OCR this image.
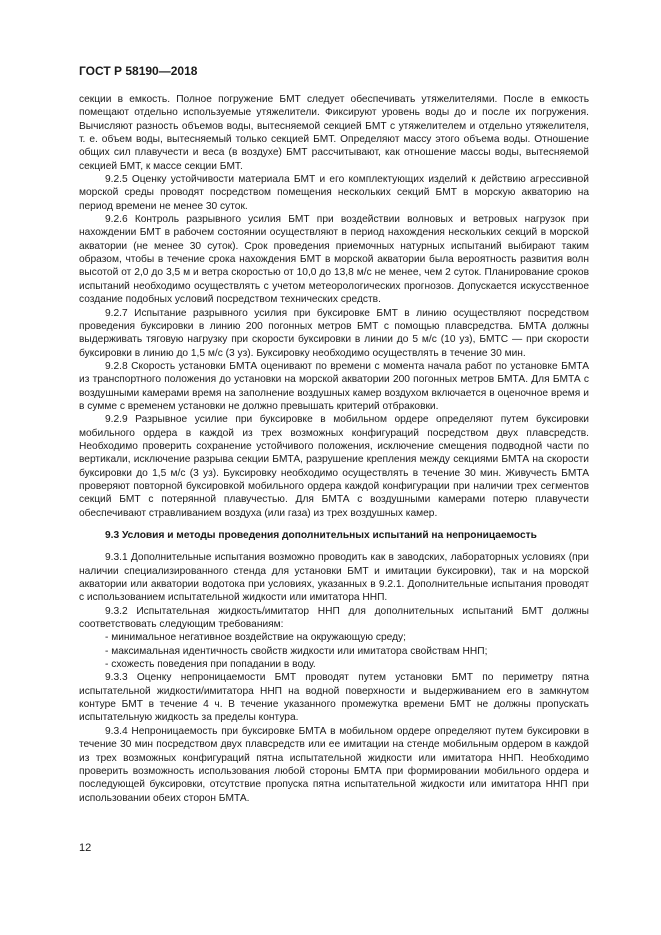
ГОСТ Р 58190—2018

секции в емкость. Полное погружение БМТ следует обеспечивать утяжелителями. После в емкость помещают отдельно используемые утяжелители. Фиксируют уровень воды до и после их погружения. Вычисляют разность объемов воды, вытесняемой секцией БМТ с утяжелителем и отдельно утяжелителя, т. е. объем воды, вытесняемый только секцией БМТ. Определяют массу этого объема воды. Отношение общих сил плавучести и веса (в воздухе) БМТ рассчитывают, как отношение массы воды, вытесняемой секцией БМТ, к массе секции БМТ.

9.2.5 Оценку устойчивости материала БМТ и его комплектующих изделий к действию агрессивной морской среды проводят посредством помещения нескольких секций БМТ в морскую акваторию на период времени не менее 30 суток.

9.2.6 Контроль разрывного усилия БМТ при воздействии волновых и ветровых нагрузок при нахождении БМТ в рабочем состоянии осуществляют в период нахождения нескольких секций в морской акватории (не менее 30 суток). Срок проведения приемочных натурных испытаний выбирают таким образом, чтобы в течение срока нахождения БМТ в морской акватории была вероятность развития волн высотой от 2,0 до 3,5 м и ветра скоростью от 10,0 до 13,8 м/с не менее, чем 2 суток. Планирование сроков испытаний необходимо осуществлять с учетом метеорологических прогнозов. Допускается искусственное создание подобных условий посредством технических средств.

9.2.7 Испытание разрывного усилия при буксировке БМТ в линию осуществляют посредством проведения буксировки в линию 200 погонных метров БМТ с помощью плавсредства. БМТА должны выдерживать тяговую нагрузку при скорости буксировки в линии до 5 м/с (10 уз), БМТС — при скорости буксировки в линию до 1,5 м/с (3 уз). Буксировку необходимо осуществлять в течение 30 мин.

9.2.8 Скорость установки БМТА оценивают по времени с момента начала работ по установке БМТА из транспортного положения до установки на морской акватории 200 погонных метров БМТА. Для БМТА с воздушными камерами время на заполнение воздушных камер воздухом включается в оценочное время и в сумме с временем установки не должно превышать критерий отбраковки.

9.2.9 Разрывное усилие при буксировке в мобильном ордере определяют путем буксировки мобильного ордера в каждой из трех возможных конфигураций посредством двух плавсредств. Необходимо проверить сохранение устойчивого положения, исключение смещения подводной части по вертикали, исключение разрыва секции БМТА, разрушение крепления между секциями БМТА на скорости буксировки до 1,5 м/с (3 уз). Буксировку необходимо осуществлять в течение 30 мин. Живучесть БМТА проверяют повторной буксировкой мобильного ордера каждой конфигурации при наличии трех сегментов секций БМТ с потерянной плавучестью. Для БМТА с воздушными камерами потерю плавучести обеспечивают стравливанием воздуха (или газа) из трех воздушных камер.

9.3 Условия и методы проведения дополнительных испытаний на непроницаемость

9.3.1 Дополнительные испытания возможно проводить как в заводских, лабораторных условиях (при наличии специализированного стенда для установки БМТ и имитации буксировки), так и на морской акватории или акватории водотока при условиях, указанных в 9.2.1. Дополнительные испытания проводят с использованием испытательной жидкости или имитатора ННП.

9.3.2 Испытательная жидкость/имитатор ННП для дополнительных испытаний БМТ должны соответствовать следующим требованиям:

- минимальное негативное воздействие на окружающую среду;

- максимальная идентичность свойств жидкости или имитатора свойствам ННП;

- схожесть поведения при попадании в воду.

9.3.3 Оценку непроницаемости БМТ проводят путем установки БМТ по периметру пятна испытательной жидкости/имитатора ННП на водной поверхности и выдерживанием его в замкнутом контуре БМТ в течение 4 ч. В течение указанного промежутка времени БМТ не должны пропускать испытательную жидкость за пределы контура.

9.3.4 Непроницаемость при буксировке БМТА в мобильном ордере определяют путем буксировки в течение 30 мин посредством двух плавсредств или ее имитации на стенде мобильным ордером в каждой из трех возможных конфигураций пятна испытательной жидкости или имитатора ННП. Необходимо проверить возможность использования любой стороны БМТА при формировании мобильного ордера и последующей буксировки, отсутствие пропуска пятна испытательной жидкости или имитатора ННП при использовании обеих сторон БМТА.

12
